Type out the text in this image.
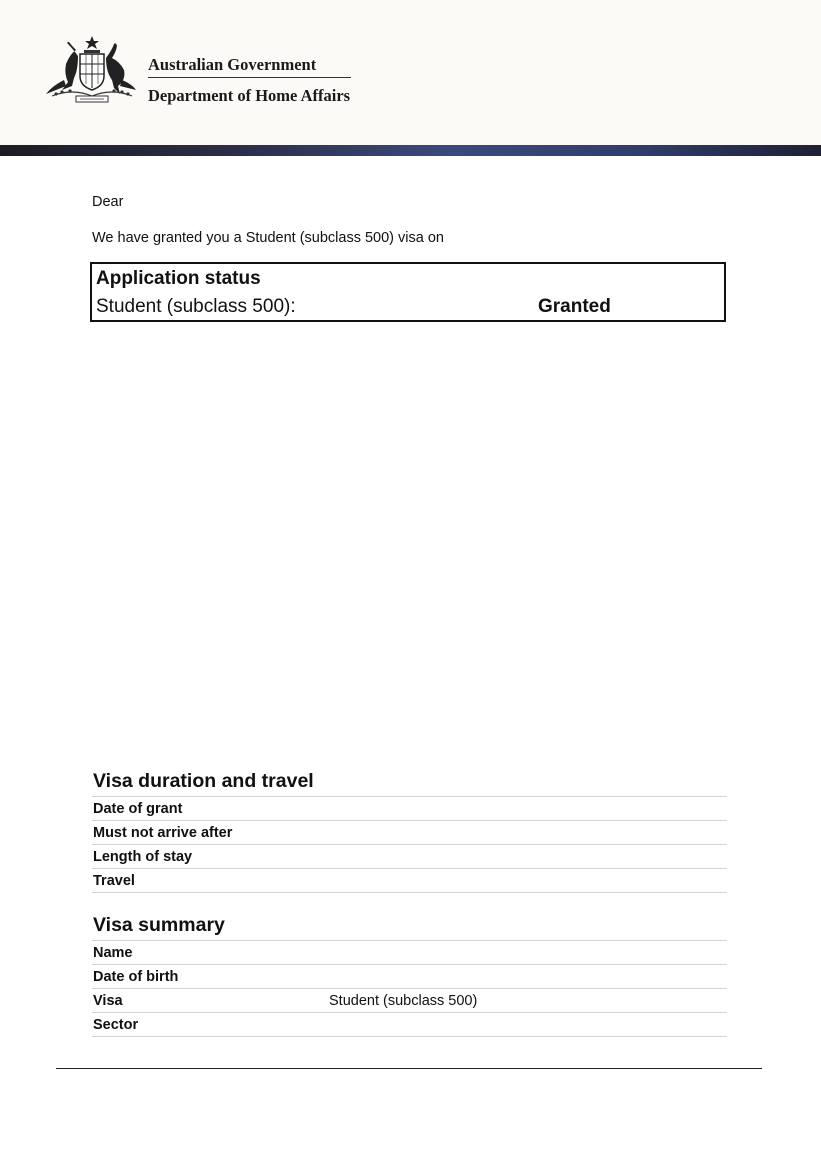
Australian Government
Department of Home Affairs
Dear
We have granted you a Student (subclass 500) visa on
Application status
Student (subclass 500):	Granted
Visa duration and travel
Date of grant
Must not arrive after
Length of stay
Travel
Visa summary
Name
Date of birth
Visa	Student (subclass 500)
Sector
